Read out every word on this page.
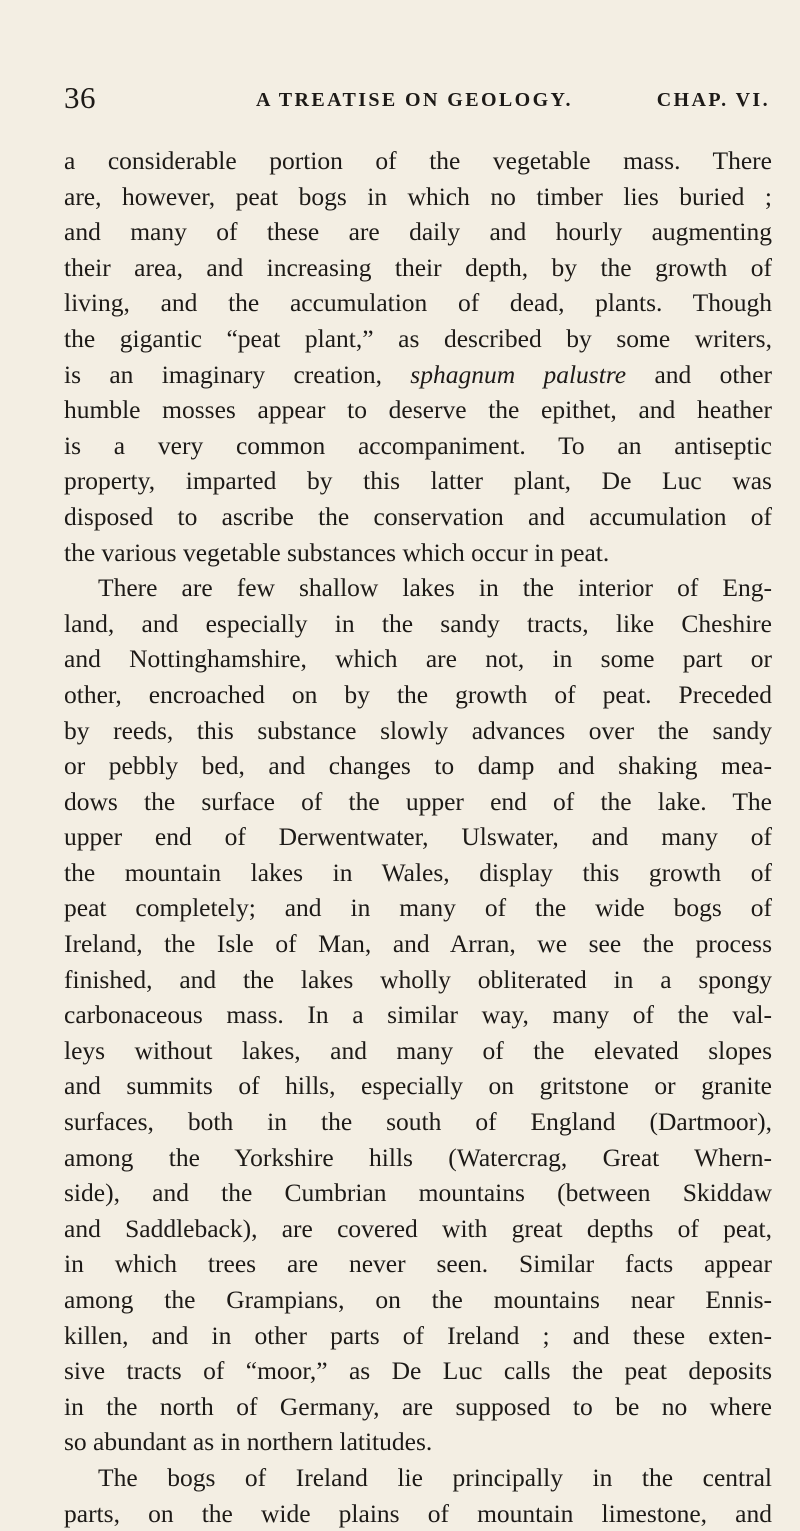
36	A TREATISE ON GEOLOGY.	CHAP. VI.
a considerable portion of the vegetable mass. There
are, however, peat bogs in which no timber lies buried ;
and many of these are daily and hourly augmenting
their area, and increasing their depth, by the growth of
living, and the accumulation of dead, plants. Though
the gigantic “peat plant,” as described by some writers,
is an imaginary creation, sphagnum palustre and other
humble mosses appear to deserve the epithet, and heather
is a very common accompaniment. To an antiseptic
property, imparted by this latter plant, De Luc was
disposed to ascribe the conservation and accumulation of
the various vegetable substances which occur in peat.
There are few shallow lakes in the interior of Eng-
land, and especially in the sandy tracts, like Cheshire
and Nottinghamshire, which are not, in some part or
other, encroached on by the growth of peat. Preceded
by reeds, this substance slowly advances over the sandy
or pebbly bed, and changes to damp and shaking mea-
dows the surface of the upper end of the lake. The
upper end of Derwentwater, Ulswater, and many of
the mountain lakes in Wales, display this growth of
peat completely; and in many of the wide bogs of
Ireland, the Isle of Man, and Arran, we see the process
finished, and the lakes wholly obliterated in a spongy
carbonaceous mass. In a similar way, many of the val-
leys without lakes, and many of the elevated slopes
and summits of hills, especially on gritstone or granite
surfaces, both in the south of England (Dartmoor),
among the Yorkshire hills (Watercrag, Great Whern-
side), and the Cumbrian mountains (between Skiddaw
and Saddleback), are covered with great depths of peat,
in which trees are never seen. Similar facts appear
among the Grampians, on the mountains near Ennis-
killen, and in other parts of Ireland ; and these exten-
sive tracts of “moor,” as De Luc calls the peat deposits
in the north of Germany, are supposed to be no where
so abundant as in northern latitudes.
The bogs of Ireland lie principally in the central
parts, on the wide plains of mountain limestone, and
